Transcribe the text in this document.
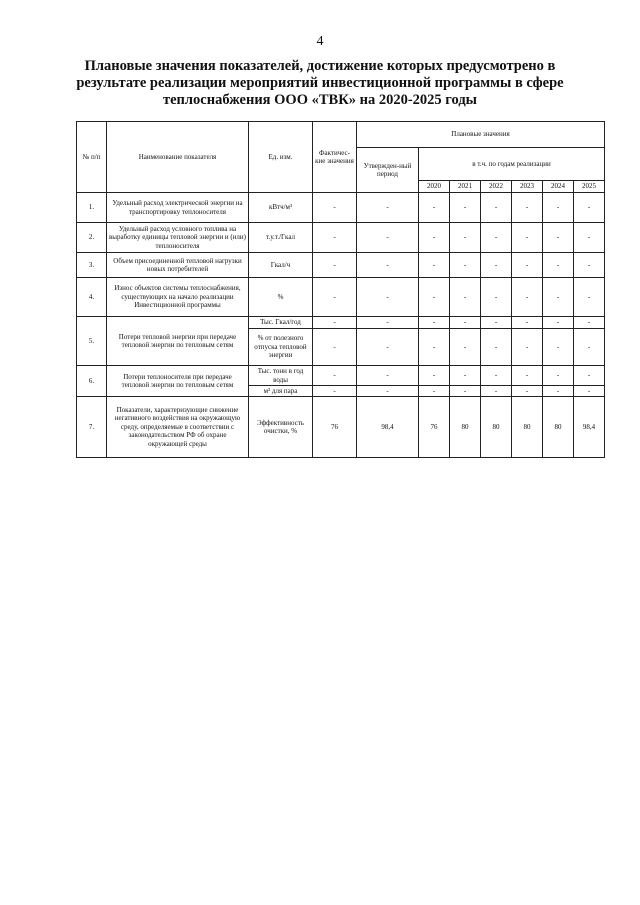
4
Плановые значения показателей, достижение которых предусмотрено в результате реализации мероприятий инвестиционной программы в сфере теплоснабжения ООО «ТВК» на 2020-2025 годы
№ п/п	Наименование показателя	Ед. изм.	Фактичес-кие значения	Плановые значения						
				Утвержден-ный период	в т.ч. по годам реализации					
					2020	2021	2022	2023	2024	2025
1.	Удельный расход электрической энергии на транспортировку теплоносителя	кВтч/м³	-	-	-	-	-	-	-	-
2.	Удельный расход условного топлива на выработку единицы тепловой энергии и (или) теплоносителя	т.у.т./Гкал	-	-	-	-	-	-	-	-
3.	Объем присоединенной тепловой нагрузки новых потребителей	Гкал/ч	-	-	-	-	-	-	-	-
4.	Износ объектов системы теплоснабжения, существующих на начало реализации Инвестиционной программы	%	-	-	-	-	-	-	-	-
5.	Потери тепловой энергии при передаче тепловой энергии по тепловым сетям	Тыс. Гкал/год	-	-	-	-	-	-	-	-
		% от полезного отпуска тепловой энергии	-	-	-	-	-	-	-	-
6.	Потери теплоносителя при передаче тепловой энергии по тепловым сетям	Тыс. тонн в год воды	-	-	-	-	-	-	-	-
		м³ для пара	-	-	-	-	-	-	-	-
7.	Показатели, характеризующие снижение негативного воздействия на окружающую среду, определяемые в соответствии с законодательством РФ об охране окружающей среды	Эффективность очистки, %	76	98,4	76	80	80	80	80	98,4
